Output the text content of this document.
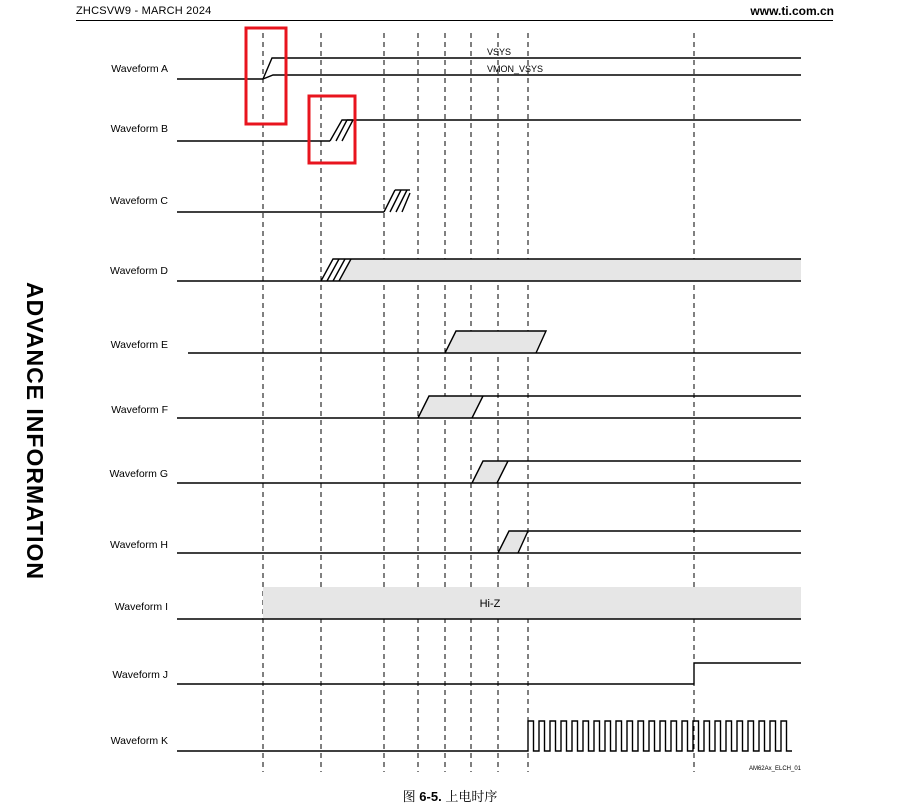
ZHCSVW9 - MARCH 2024	www.ti.com.cn
ADVANCE INFORMATION
Waveform A
Waveform B
Waveform C
Waveform D
Waveform E
Waveform F
Waveform G
Waveform H
Waveform I
Waveform J
Waveform K
VSYS
VMON_VSYS
Hi-Z
AM62Ax_ELCH_01
图 6-5. 上电时序
